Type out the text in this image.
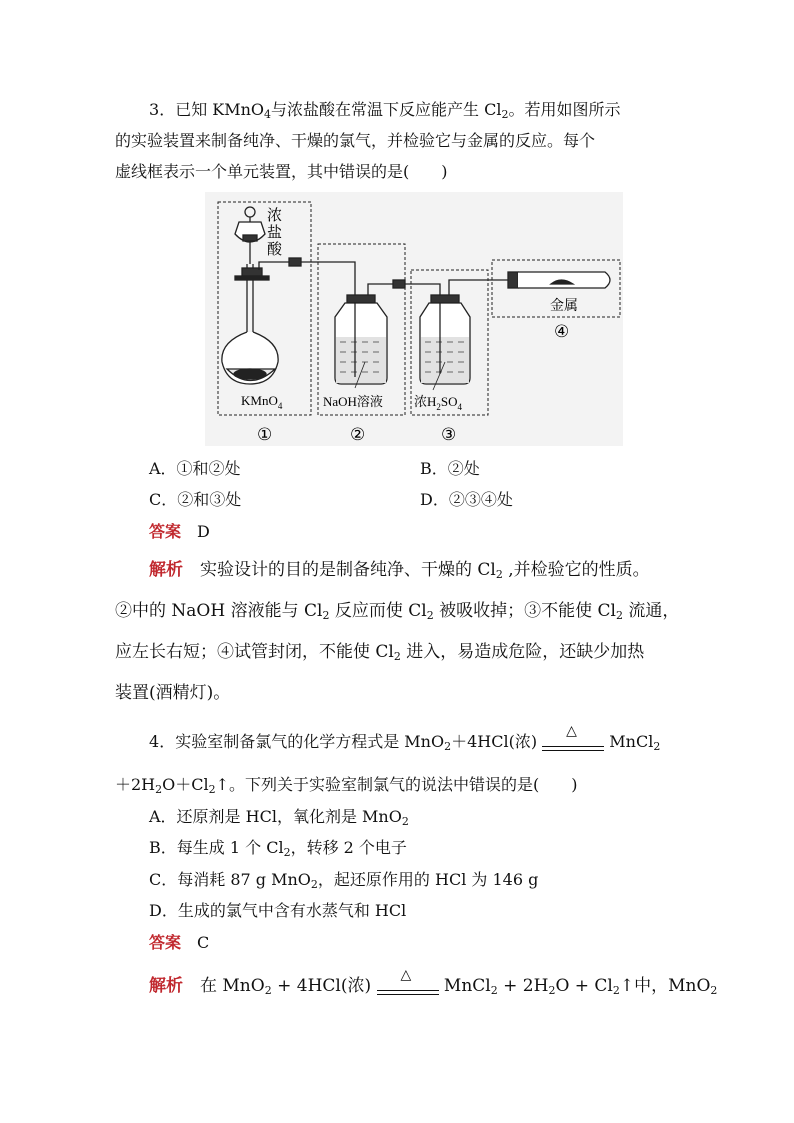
3．已知 KMnO$_4$与浓盐酸在常温下反应能产生 $Cl_2$。若用如图所示
的实验装置来制备纯净、干燥的氯气，并检验它与金属的反应。每个
虚线框表示一个单元装置，其中错误的是(　　)
浓
盐
酸
KMnO$_4$	NaOH溶液 浓$H_2SO_4$
金属
④
①	②	③
A．①和②处	B．②处
C．②和③处	D．②③④处
答案  D
解析  实验设计的目的是制备纯净、干燥的 $Cl_2$ ,并检验它的性质。
②中的 NaOH 溶液能与 $Cl_2$ 反应而使 $Cl_2$ 被吸收掉；③不能使 $Cl_2$ 流通，
应左长右短；④试管封闭，不能使 $Cl_2$ 进入，易造成危险，还缺少加热
装置(酒精灯)。
4．实验室制备氯气的化学方程式是 MnO$_2$＋4HCl(浓)
△
MnCl$_2$
$+2H_2O+Cl_2↑$。下列关于实验室制氯气的说法中错误的是(　　)
A．还原剂是 HCl，氧化剂是 MnO$_2$
B．每生成 1 个 $Cl_2$，转移 2 个电子
C．每消耗 87 g MnO$_2$，起还原作用的 HCl 为 146 g
D．生成的氯气中含有水蒸气和 HCl
答案  C
解析  在 MnO$_2$ + 4HCl(浓)
△
MnCl$_2$ + $2H_2O$ + $Cl_2↑$中，MnO$_2$
